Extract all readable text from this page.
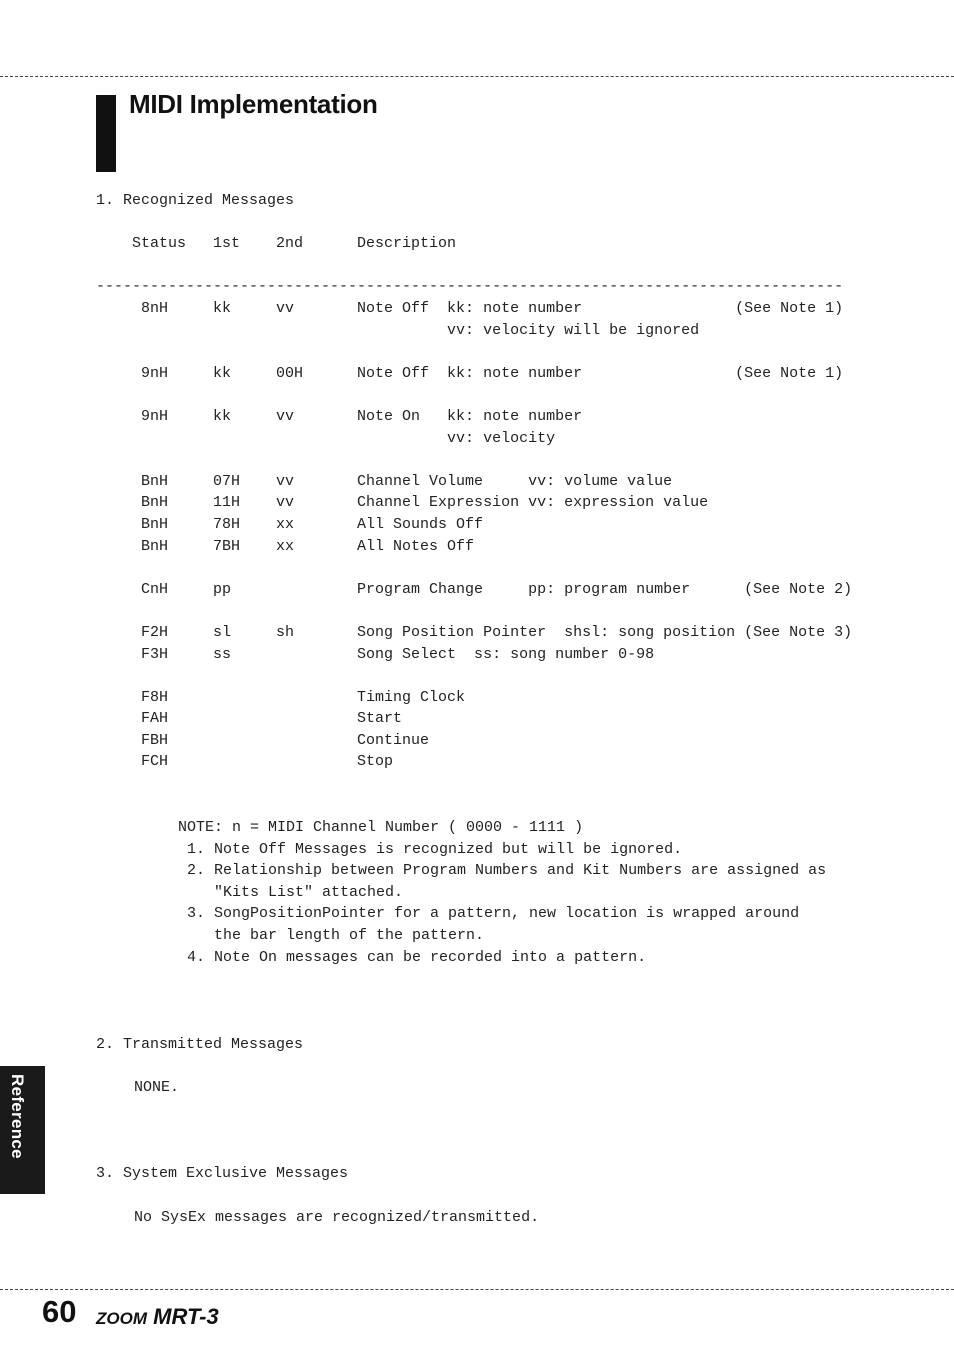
MIDI Implementation
1. Recognized Messages
Status   1st    2nd      Description
-----------------------------------------------------------------------------------
8nH     kk     vv       Note Off  kk: note number                 (See Note 1)
vv: velocity will be ignored

9nH     kk     00H      Note Off  kk: note number                 (See Note 1)

9nH     kk     vv       Note On   kk: note number
vv: velocity

BnH     07H    vv       Channel Volume     vv: volume value
BnH     11H    vv       Channel Expression vv: expression value
BnH     78H    xx       All Sounds Off
BnH     7BH    xx       All Notes Off

CnH     pp              Program Change     pp: program number      (See Note 2)

F2H     sl     sh       Song Position Pointer  shsl: song position (See Note 3)
F3H     ss              Song Select  ss: song number 0-98

F8H                     Timing Clock
FAH                     Start
FBH                     Continue
FCH                     Stop
NOTE: n = MIDI Channel Number ( 0000 - 1111 )
1. Note Off Messages is recognized but will be ignored.
2. Relationship between Program Numbers and Kit Numbers are assigned as
"Kits List" attached.
3. SongPositionPointer for a pattern, new location is wrapped around
the bar length of the pattern.
4. Note On messages can be recorded into a pattern.
2. Transmitted Messages
NONE.
3. System Exclusive Messages
No SysEx messages are recognized/transmitted.
Reference
60 ZOOM MRT-3
